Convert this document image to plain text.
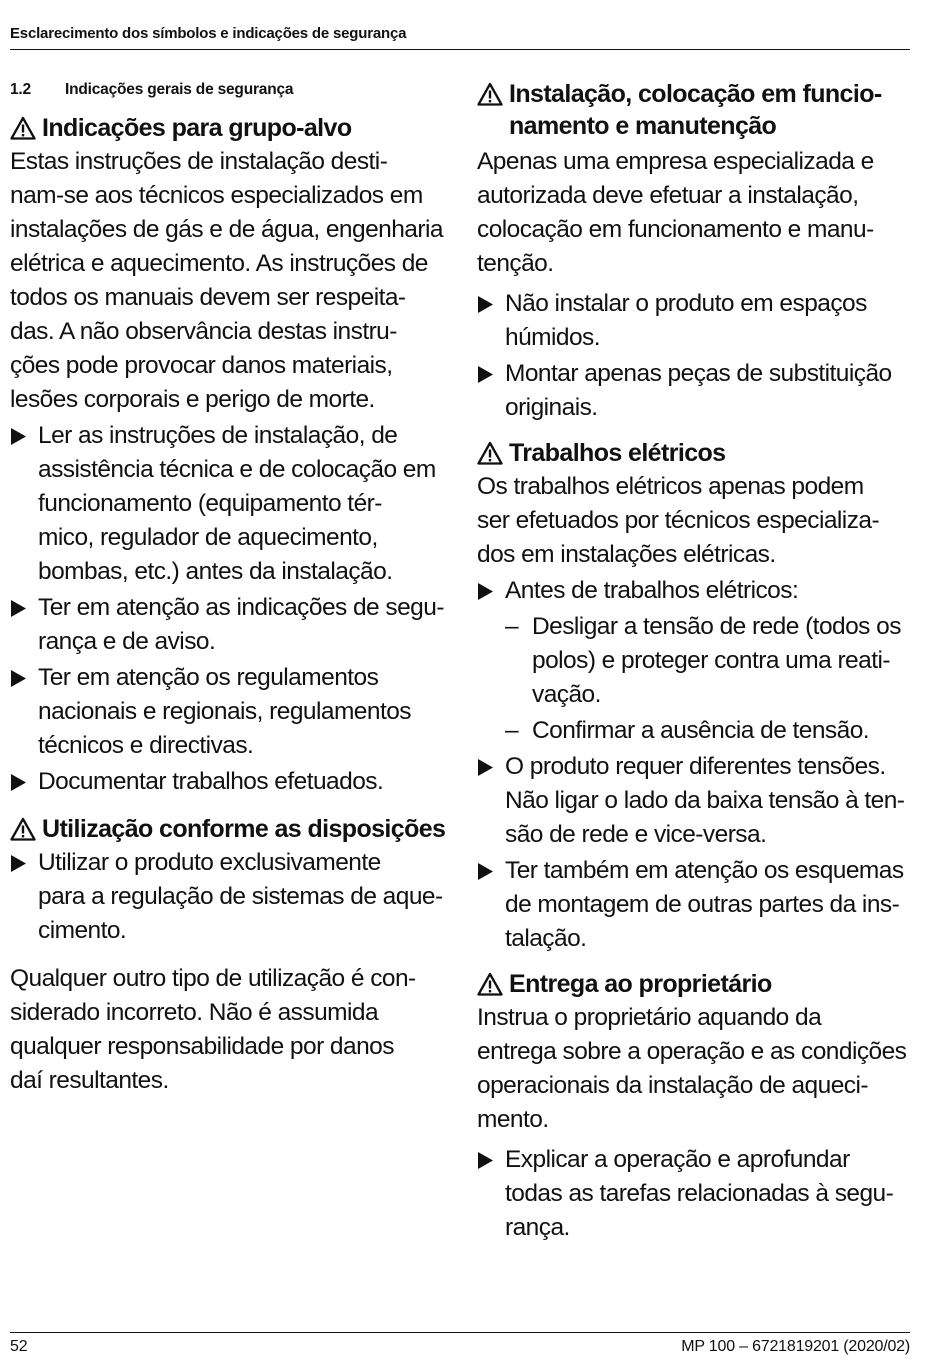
Esclarecimento dos símbolos e indicações de segurança
1.2	Indicações gerais de segurança
Indicações para grupo-alvo
Estas instruções de instalação desti-
nam-se aos técnicos especializados em
instalações de gás e de água, engenharia
elétrica e aquecimento. As instruções de
todos os manuais devem ser respeita-
das. A não observância destas instru-
ções pode provocar danos materiais,
lesões corporais e perigo de morte.
Ler as instruções de instalação, de
assistência técnica e de colocação em
funcionamento (equipamento tér-
mico, regulador de aquecimento,
bombas, etc.) antes da instalação.
Ter em atenção as indicações de segu-
rança e de aviso.
Ter em atenção os regulamentos
nacionais e regionais, regulamentos
técnicos e directivas.
Documentar trabalhos efetuados.
Utilização conforme as disposições
Utilizar o produto exclusivamente
para a regulação de sistemas de aque-
cimento.
Qualquer outro tipo de utilização é con-
siderado incorreto. Não é assumida
qualquer responsabilidade por danos
daí resultantes.
Instalação, colocação em funcio-
namento e manutenção
Apenas uma empresa especializada e
autorizada deve efetuar a instalação,
colocação em funcionamento e manu-
tenção.
Não instalar o produto em espaços
húmidos.
Montar apenas peças de substituição
originais.
Trabalhos elétricos
Os trabalhos elétricos apenas podem
ser efetuados por técnicos especializa-
dos em instalações elétricas.
Antes de trabalhos elétricos:
– Desligar a tensão de rede (todos os
polos) e proteger contra uma reati-
vação.
– Confirmar a ausência de tensão.
O produto requer diferentes tensões.
Não ligar o lado da baixa tensão à ten-
são de rede e vice-versa.
Ter também em atenção os esquemas
de montagem de outras partes da ins-
talação.
Entrega ao proprietário
Instrua o proprietário aquando da
entrega sobre a operação e as condições
operacionais da instalação de aqueci-
mento.
Explicar a operação e aprofundar
todas as tarefas relacionadas à segu-
rança.
52	MP 100 – 6721819201 (2020/02)
